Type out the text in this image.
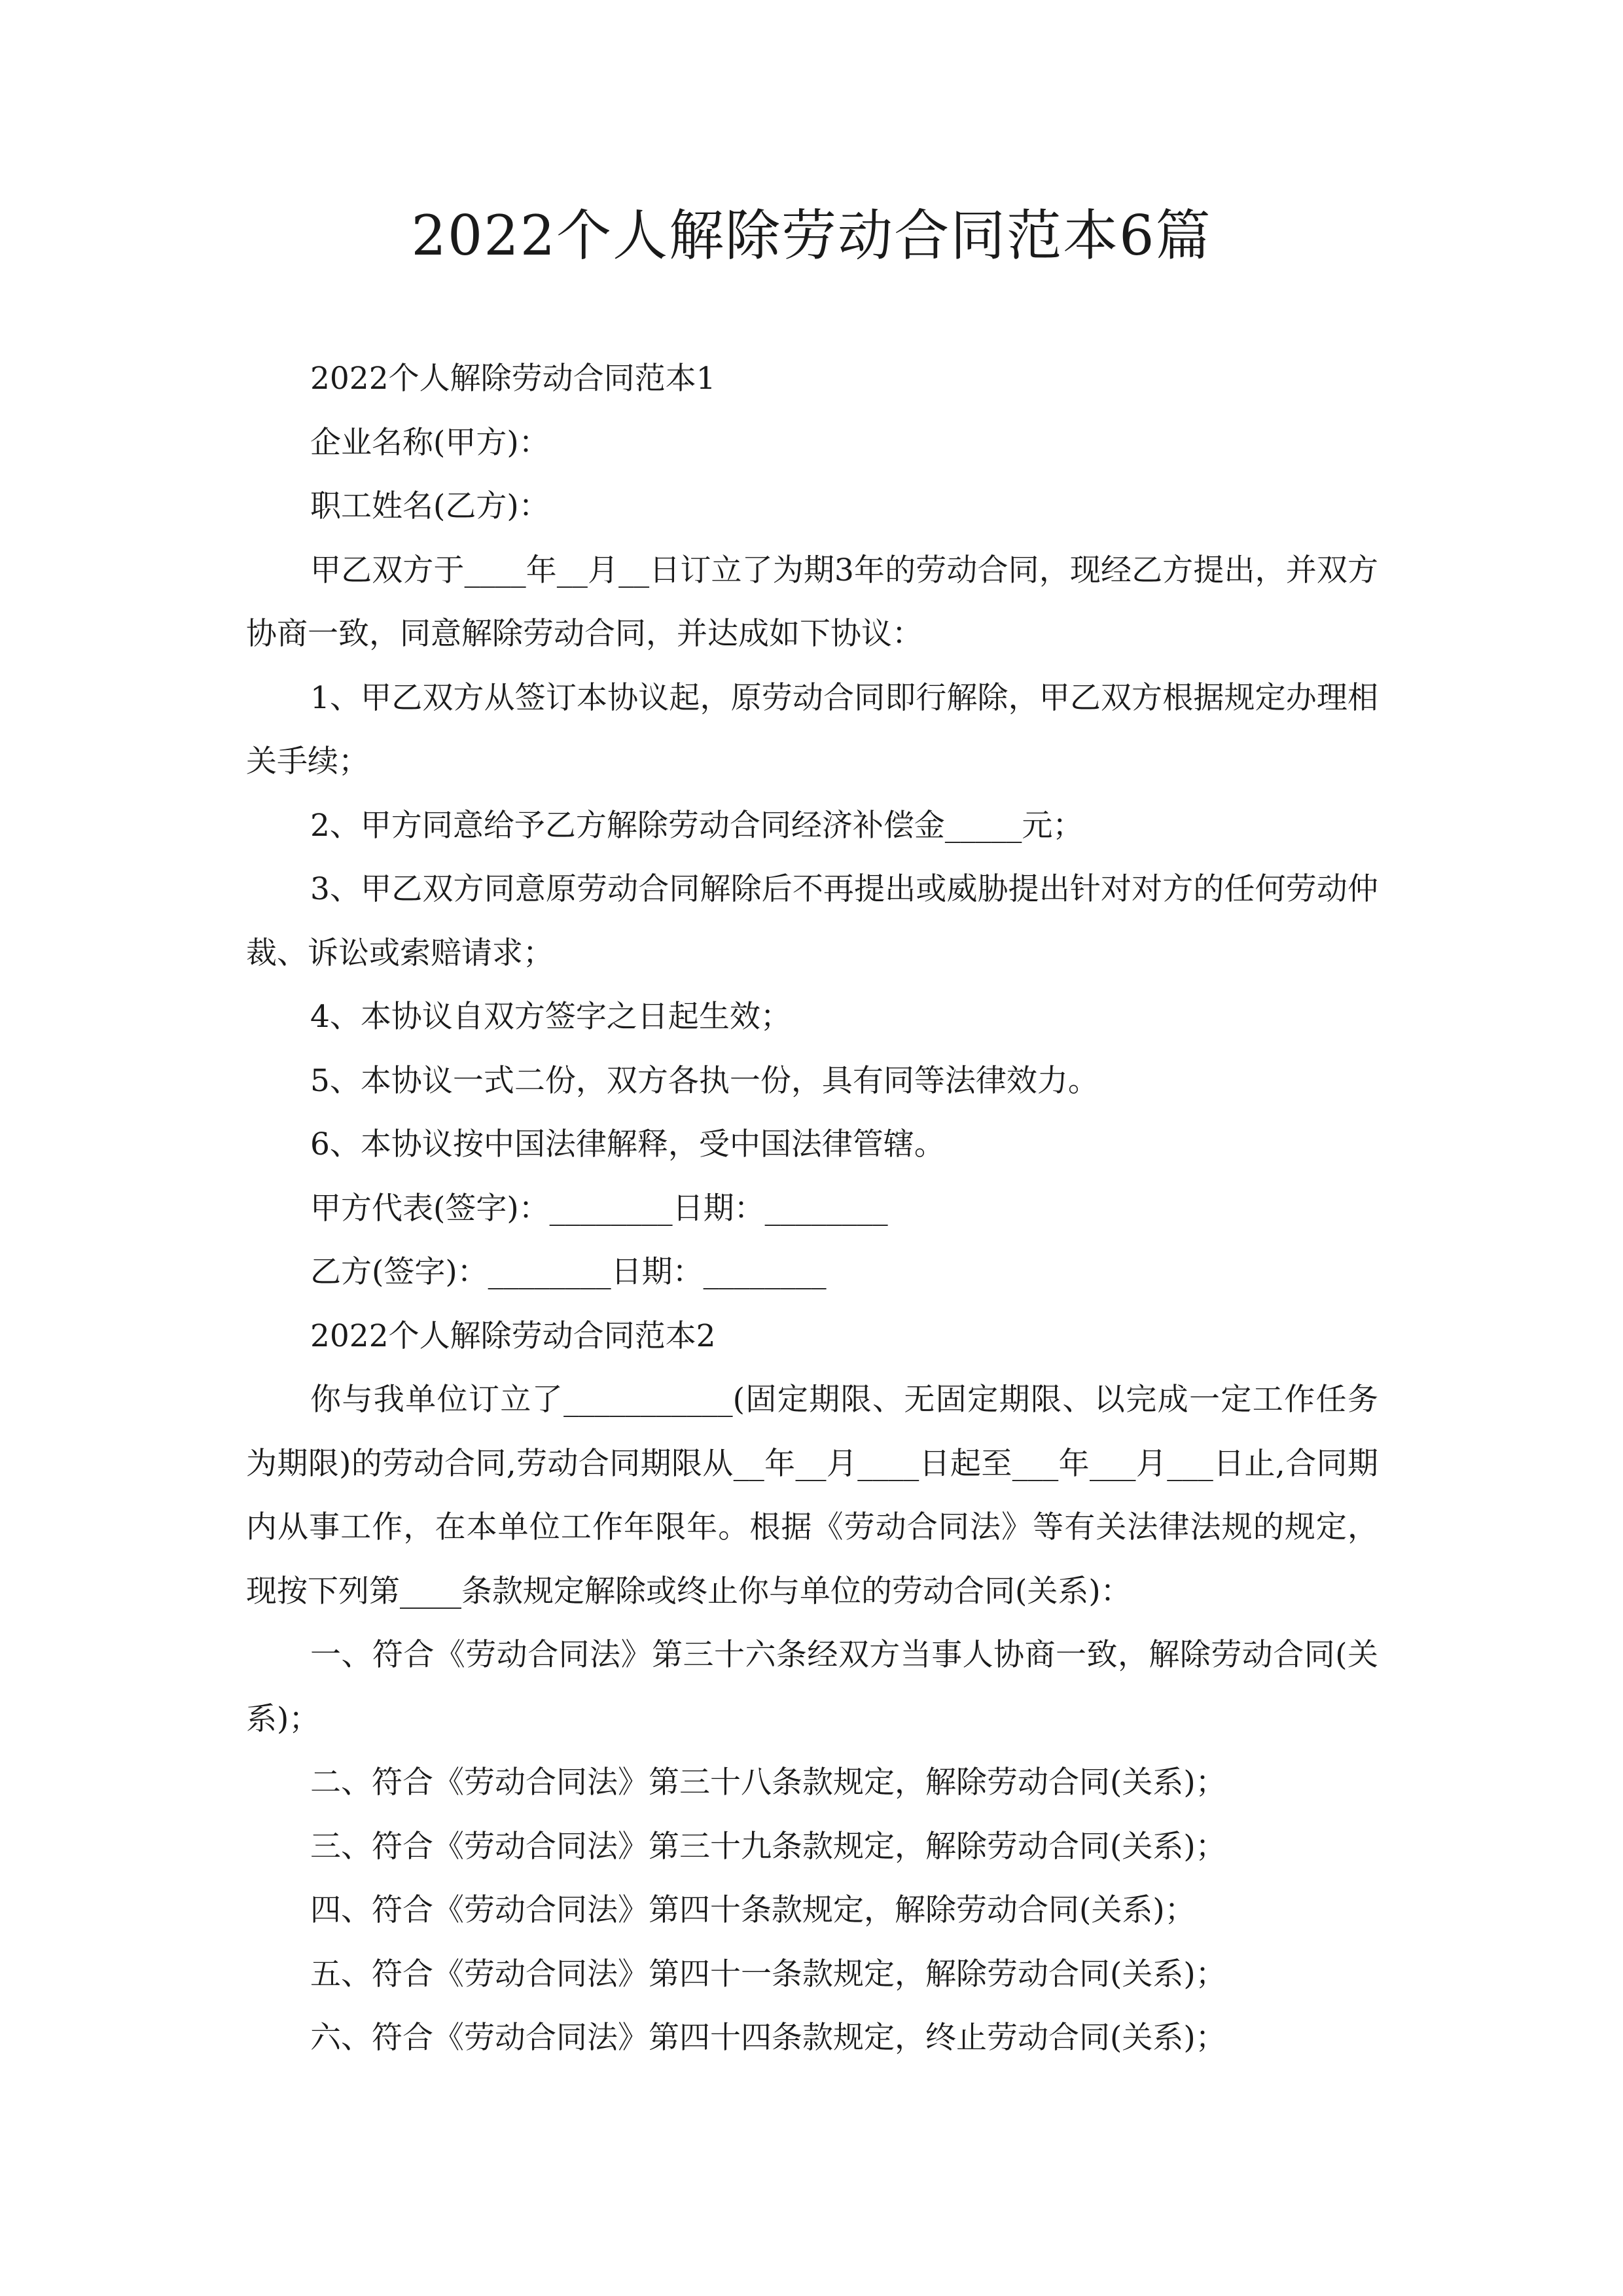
2022个人解除劳动合同范本6篇

2022个人解除劳动合同范本1

企业名称(甲方)：

职工姓名(乙方)：

甲乙双方于____年__月__日订立了为期3年的劳动合同，现经乙方提出，并双方协商一致，同意解除劳动合同，并达成如下协议：

1、甲乙双方从签订本协议起，原劳动合同即行解除，甲乙双方根据规定办理相关手续；

2、甲方同意给予乙方解除劳动合同经济补偿金_____元；

3、甲乙双方同意原劳动合同解除后不再提出或威胁提出针对对方的任何劳动仲裁、诉讼或索赔请求；

4、本协议自双方签字之日起生效；

5、本协议一式二份，双方各执一份，具有同等法律效力。

6、本协议按中国法律解释，受中国法律管辖。

甲方代表(签字)：________日期：________

乙方(签字)：________日期：________

2022个人解除劳动合同范本2

你与我单位订立了___________(固定期限、无固定期限、以完成一定工作任务为期限)的劳动合同,劳动合同期限从__年__月____日起至___年___月___日止,合同期内从事工作，在本单位工作年限年。根据《劳动合同法》等有关法律法规的规定，现按下列第____条款规定解除或终止你与单位的劳动合同(关系)：

一、符合《劳动合同法》第三十六条经双方当事人协商一致，解除劳动合同(关系)；

二、符合《劳动合同法》第三十八条款规定，解除劳动合同(关系)；

三、符合《劳动合同法》第三十九条款规定，解除劳动合同(关系)；

四、符合《劳动合同法》第四十条款规定，解除劳动合同(关系)；

五、符合《劳动合同法》第四十一条款规定，解除劳动合同(关系)；

六、符合《劳动合同法》第四十四条款规定，终止劳动合同(关系)；
